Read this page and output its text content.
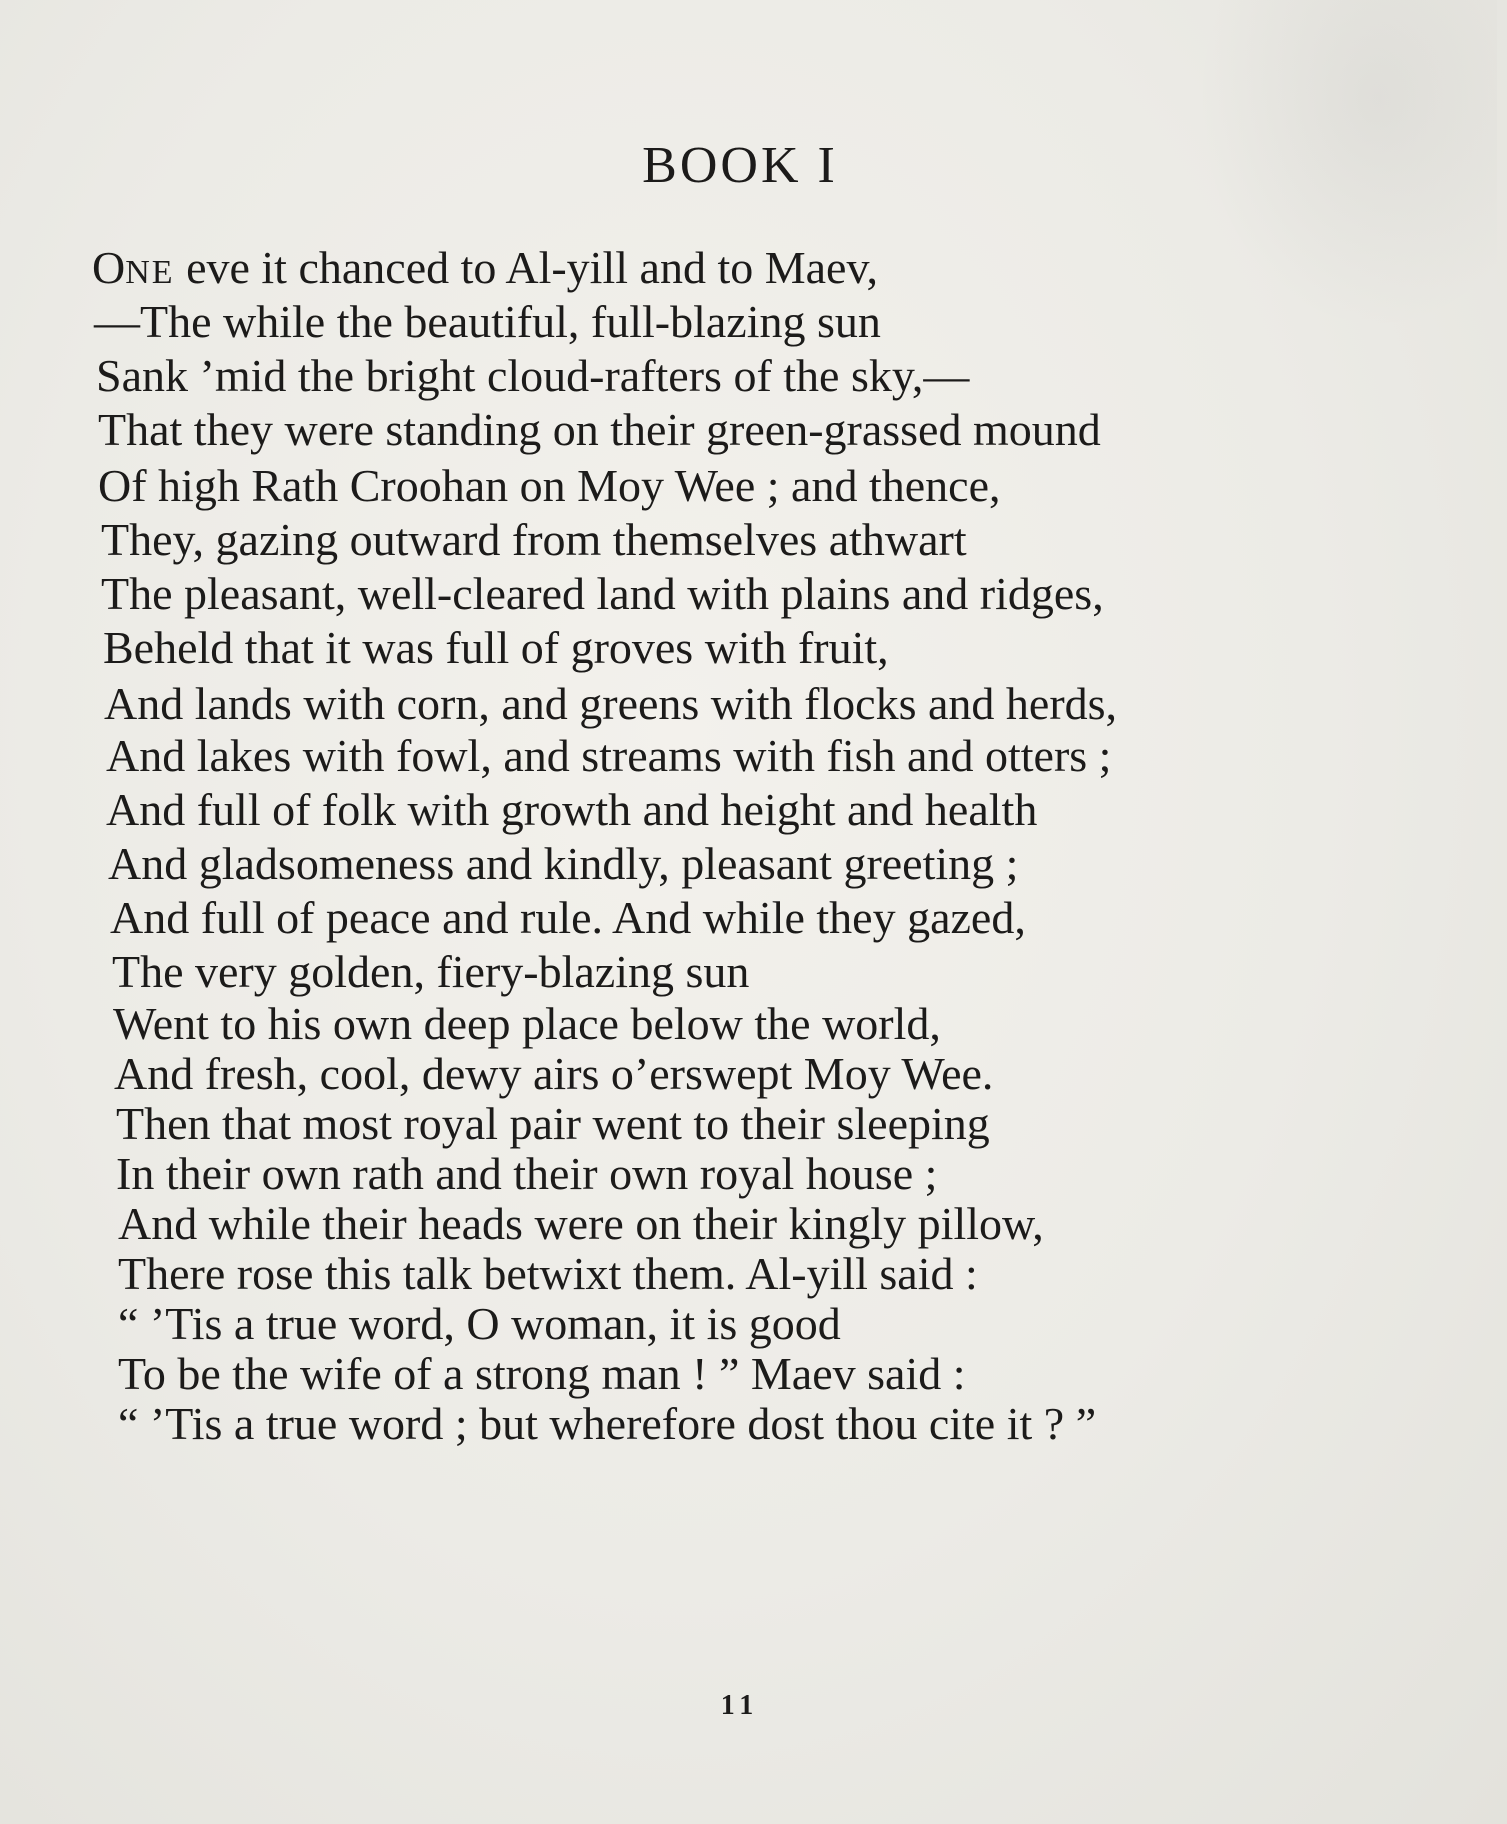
BOOK I
ONE eve it chanced to Al-yill and to Maev,
—The while the beautiful, full-blazing sun
Sank ’mid the bright cloud-rafters of the sky,—
That they were standing on their green-grassed mound
Of high Rath Croohan on Moy Wee ; and thence,
They, gazing outward from themselves athwart
The pleasant, well-cleared land with plains and ridges,
Beheld that it was full of groves with fruit,
And lands with corn, and greens with flocks and herds,
And lakes with fowl, and streams with fish and otters ;
And full of folk with growth and height and health
And gladsomeness and kindly, pleasant greeting ;
And full of peace and rule. And while they gazed,
The very golden, fiery-blazing sun
Went to his own deep place below the world,
And fresh, cool, dewy airs o’erswept Moy Wee.
Then that most royal pair went to their sleeping
In their own rath and their own royal house ;
And while their heads were on their kingly pillow,
There rose this talk betwixt them. Al-yill said :
“ ’Tis a true word, O woman, it is good
To be the wife of a strong man ! ” Maev said :
“ ’Tis a true word ; but wherefore dost thou cite it ? ”
11
